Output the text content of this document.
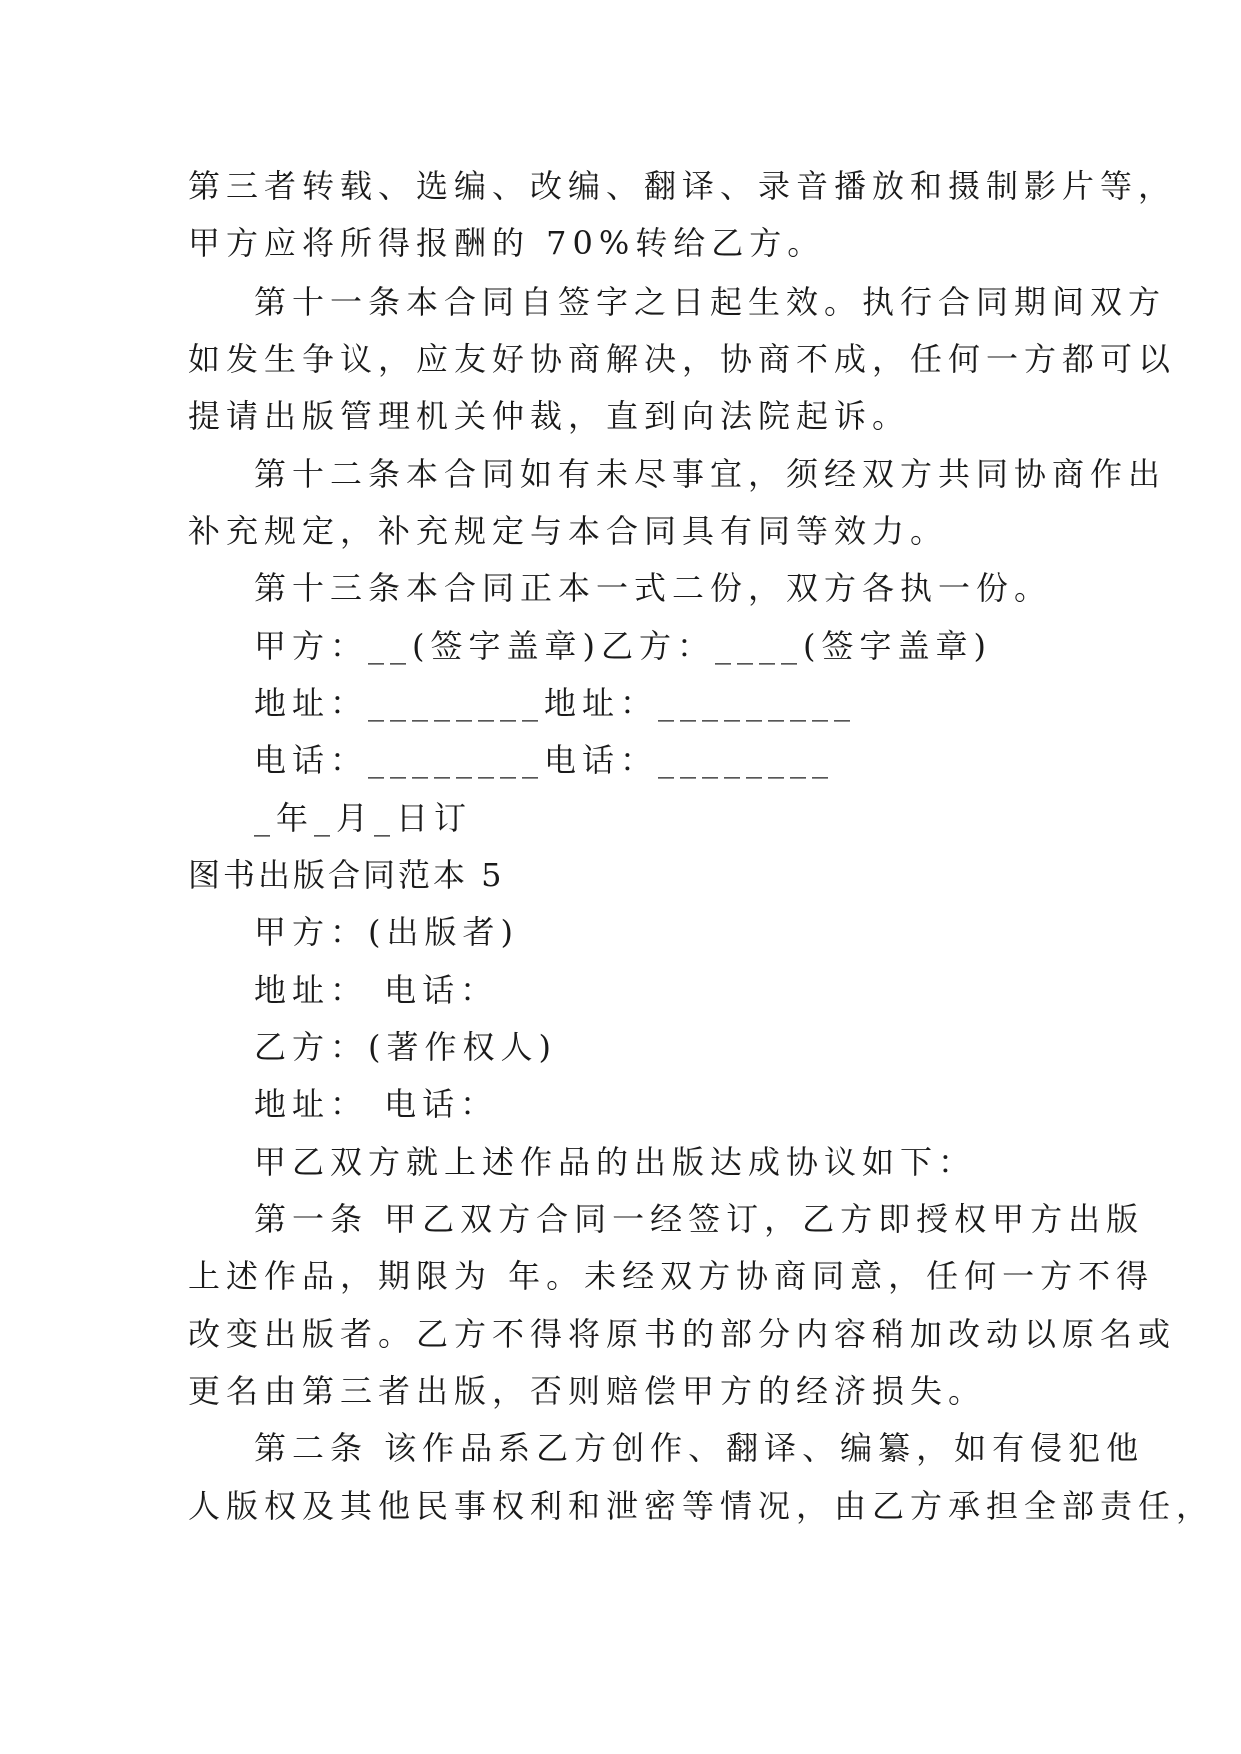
第三者转载、选编、改编、翻译、录音播放和摄制影片等，
甲方应将所得报酬的 70%转给乙方。
第十一条本合同自签字之日起生效。执行合同期间双方
如发生争议，应友好协商解决，协商不成，任何一方都可以
提请出版管理机关仲裁，直到向法院起诉。
第十二条本合同如有未尽事宜，须经双方共同协商作出
补充规定，补充规定与本合同具有同等效力。
第十三条本合同正本一式二份，双方各执一份。
甲方：__(签字盖章)乙方：____(签字盖章)
地址：________地址：_________
电话：________电话：________
_年_月_日订
图书出版合同范本 5
甲方：(出版者)
地址： 电话：
乙方：(著作权人)
地址： 电话：
甲乙双方就上述作品的出版达成协议如下：
第一条 甲乙双方合同一经签订，乙方即授权甲方出版
上述作品，期限为 年。未经双方协商同意，任何一方不得
改变出版者。乙方不得将原书的部分内容稍加改动以原名或
更名由第三者出版，否则赔偿甲方的经济损失。
第二条 该作品系乙方创作、翻译、编纂，如有侵犯他
人版权及其他民事权利和泄密等情况，由乙方承担全部责任，
